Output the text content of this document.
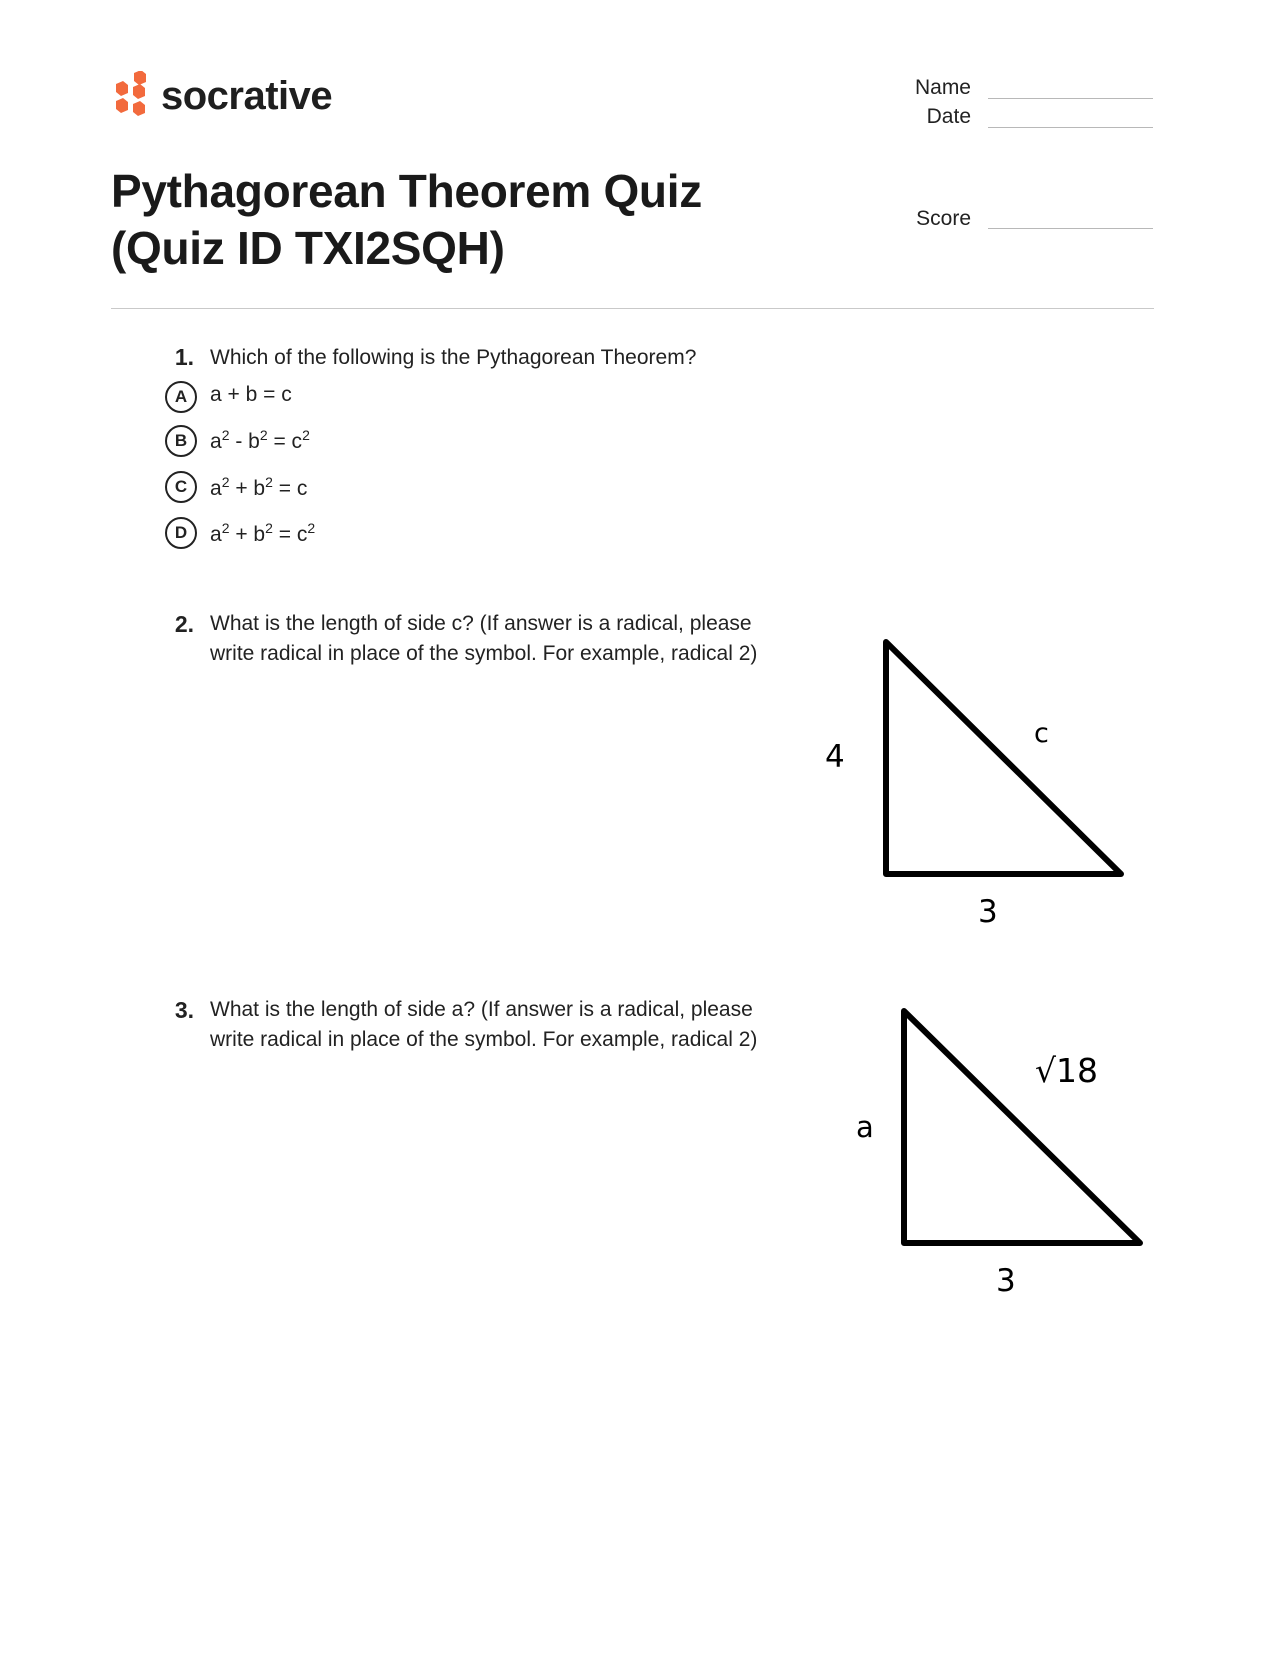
socrative	Name
Date
Score
Pythagorean Theorem Quiz
(Quiz ID TXI2SQH)
1. Which of the following is the Pythagorean Theorem?
A	a + b = c
B	$a^2 - b^2 = c^2$
C	$a^2 + b^2 = c$
D	$a^2 + b^2 = c^2$
2. What is the length of side c? (If answer is a radical, please
write radical in place of the symbol. For example, radical 2)
4
c
3
3. What is the length of side a? (If answer is a radical, please
write radical in place of the symbol. For example, radical 2)
a
√18
3
